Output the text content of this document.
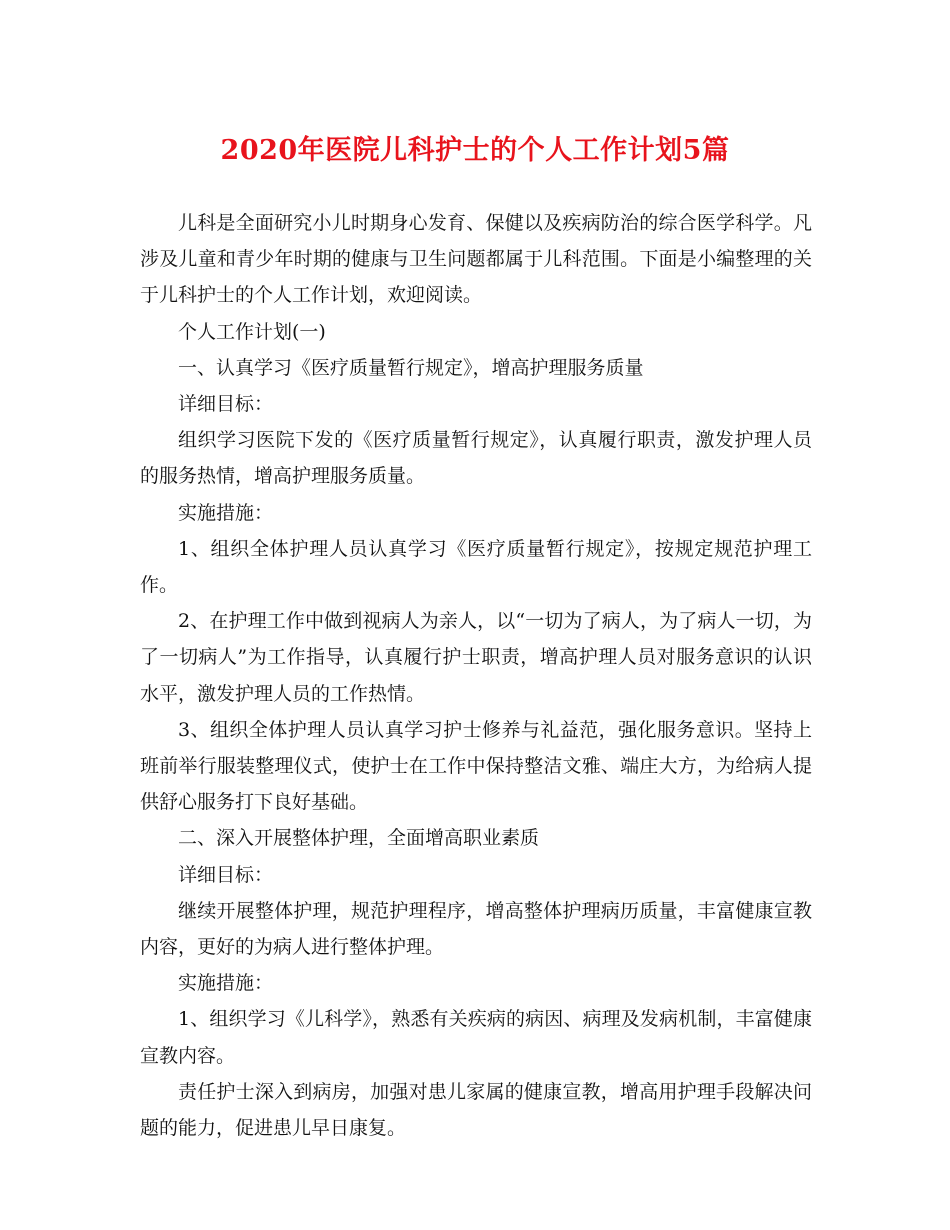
2020年医院儿科护士的个人工作计划5篇

儿科是全面研究小儿时期身心发育、保健以及疾病防治的综合医学科学。凡涉及儿童和青少年时期的健康与卫生问题都属于儿科范围。下面是小编整理的关于儿科护士的个人工作计划，欢迎阅读。

个人工作计划(一)

一、认真学习《医疗质量暂行规定》，增高护理服务质量

详细目标：

组织学习医院下发的《医疗质量暂行规定》，认真履行职责，激发护理人员的服务热情，增高护理服务质量。

实施措施：

1、组织全体护理人员认真学习《医疗质量暂行规定》，按规定规范护理工作。

2、在护理工作中做到视病人为亲人，以“一切为了病人，为了病人一切，为了一切病人”为工作指导，认真履行护士职责，增高护理人员对服务意识的认识水平，激发护理人员的工作热情。

3、组织全体护理人员认真学习护士修养与礼益范，强化服务意识。坚持上班前举行服装整理仪式，使护士在工作中保持整洁文雅、端庄大方，为给病人提供舒心服务打下良好基础。

二、深入开展整体护理，全面增高职业素质

详细目标：

继续开展整体护理，规范护理程序，增高整体护理病历质量，丰富健康宣教内容，更好的为病人进行整体护理。

实施措施：

1、组织学习《儿科学》，熟悉有关疾病的病因、病理及发病机制，丰富健康宣教内容。

责任护士深入到病房，加强对患儿家属的健康宣教，增高用护理手段解决问题的能力，促进患儿早日康复。
